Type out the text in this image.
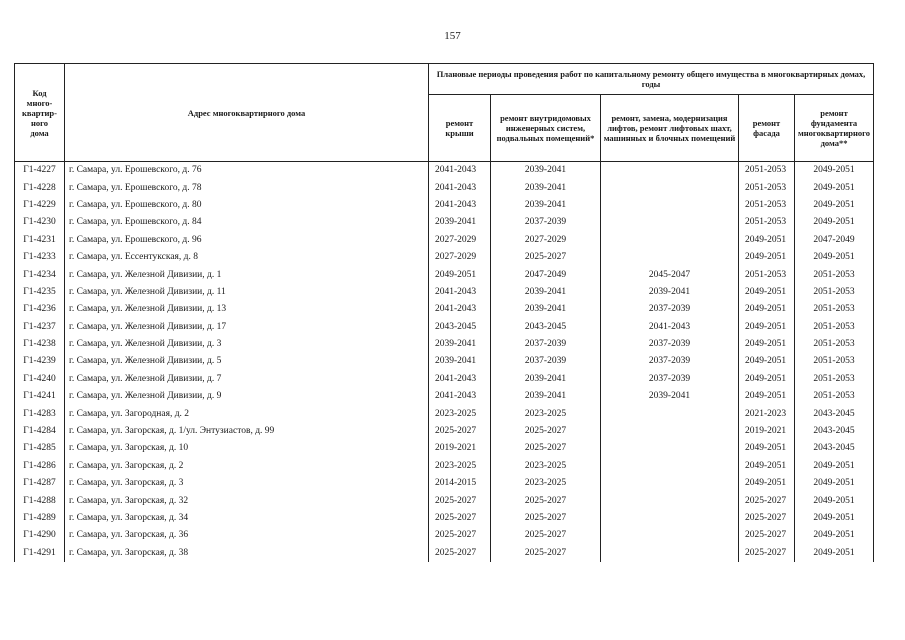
157
Код
много-
квартир-
ного
дома	Адрес многоквартирного дома	Плановые периоды проведения работ по капитальному ремонту общего имущества в многоквартирных домах, годы				
		ремонт крыши	ремонт внутридомовых инженерных систем, подвальных помещений*	ремонт, замена, модернизация лифтов, ремонт лифтовых шахт, машинных и блочных помещений	ремонт фасада	ремонт фундамента многоквартирного дома**
Г1-4227	г. Самара, ул. Ерошевского, д. 76	2041-2043	2039-2041		2051-2053	2049-2051
Г1-4228	г. Самара, ул. Ерошевского, д. 78	2041-2043	2039-2041		2051-2053	2049-2051
Г1-4229	г. Самара, ул. Ерошевского, д. 80	2041-2043	2039-2041		2051-2053	2049-2051
Г1-4230	г. Самара, ул. Ерошевского, д. 84	2039-2041	2037-2039		2051-2053	2049-2051
Г1-4231	г. Самара, ул. Ерошевского, д. 96	2027-2029	2027-2029		2049-2051	2047-2049
Г1-4233	г. Самара, ул. Ессентукская, д. 8	2027-2029	2025-2027		2049-2051	2049-2051
Г1-4234	г. Самара, ул. Железной Дивизии, д. 1	2049-2051	2047-2049	2045-2047	2051-2053	2051-2053
Г1-4235	г. Самара, ул. Железной Дивизии, д. 11	2041-2043	2039-2041	2039-2041	2049-2051	2051-2053
Г1-4236	г. Самара, ул. Железной Дивизии, д. 13	2041-2043	2039-2041	2037-2039	2049-2051	2051-2053
Г1-4237	г. Самара, ул. Железной Дивизии, д. 17	2043-2045	2043-2045	2041-2043	2049-2051	2051-2053
Г1-4238	г. Самара, ул. Железной Дивизии, д. 3	2039-2041	2037-2039	2037-2039	2049-2051	2051-2053
Г1-4239	г. Самара, ул. Железной Дивизии, д. 5	2039-2041	2037-2039	2037-2039	2049-2051	2051-2053
Г1-4240	г. Самара, ул. Железной Дивизии, д. 7	2041-2043	2039-2041	2037-2039	2049-2051	2051-2053
Г1-4241	г. Самара, ул. Железной Дивизии, д. 9	2041-2043	2039-2041	2039-2041	2049-2051	2051-2053
Г1-4283	г. Самара, ул. Загородная, д. 2	2023-2025	2023-2025		2021-2023	2043-2045
Г1-4284	г. Самара, ул. Загорская, д. 1/ул. Энтузиастов, д. 99	2025-2027	2025-2027		2019-2021	2043-2045
Г1-4285	г. Самара, ул. Загорская, д. 10	2019-2021	2025-2027		2049-2051	2043-2045
Г1-4286	г. Самара, ул. Загорская, д. 2	2023-2025	2023-2025		2049-2051	2049-2051
Г1-4287	г. Самара, ул. Загорская, д. 3	2014-2015	2023-2025		2049-2051	2049-2051
Г1-4288	г. Самара, ул. Загорская, д. 32	2025-2027	2025-2027		2025-2027	2049-2051
Г1-4289	г. Самара, ул. Загорская, д. 34	2025-2027	2025-2027		2025-2027	2049-2051
Г1-4290	г. Самара, ул. Загорская, д. 36	2025-2027	2025-2027		2025-2027	2049-2051
Г1-4291	г. Самара, ул. Загорская, д. 38	2025-2027	2025-2027		2025-2027	2049-2051
